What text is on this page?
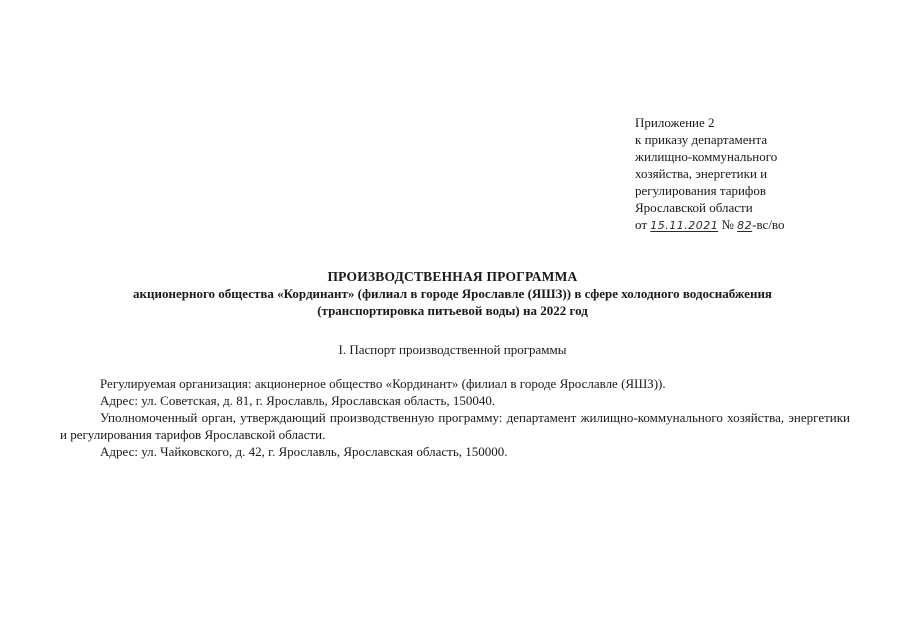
Приложение 2
к приказу департамента
жилищно-коммунального
хозяйства, энергетики и
регулирования тарифов
Ярославской области
от 15.11.2021 № 82-вс/во
ПРОИЗВОДСТВЕННАЯ ПРОГРАММА
акционерного общества «Кординант» (филиал в городе Ярославле (ЯШЗ)) в сфере холодного водоснабжения
(транспортировка питьевой воды) на 2022 год
I. Паспорт производственной программы

Регулируемая организация: акционерное общество «Кординант» (филиал в городе Ярославле (ЯШЗ)).

Адрес: ул. Советская, д. 81, г. Ярославль, Ярославская область, 150040.

Уполномоченный орган, утверждающий производственную программу: департамент жилищно-коммунального хозяйства, энергетики и регулирования тарифов Ярославской области.

Адрес: ул. Чайковского, д. 42, г. Ярославль, Ярославская область, 150000.
